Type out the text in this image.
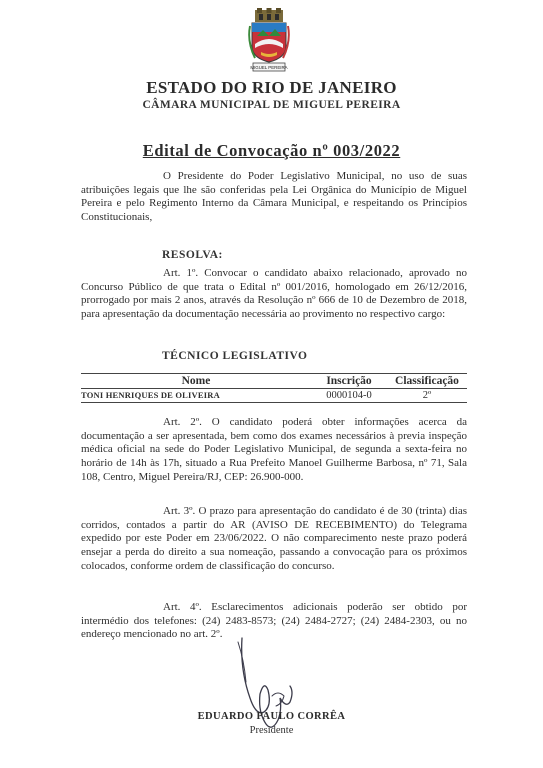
MIGUEL PEREIRA
ESTADO DO RIO DE JANEIRO
CÂMARA MUNICIPAL DE MIGUEL PEREIRA
Edital de Convocação nº 003/2022

O Presidente do Poder Legislativo Municipal, no uso de suas atribuições legais que lhe são conferidas pela Lei Orgânica do Município de Miguel Pereira e pelo Regimento Interno da Câmara Municipal, e respeitando os Princípios Constitucionais,

RESOLVA:

Art. 1º. Convocar o candidato abaixo relacionado, aprovado no Concurso Público de que trata o Edital nº 001/2016, homologado em 26/12/2016, prorrogado por mais 2 anos, através da Resolução nº 666 de 10 de Dezembro de 2018, para apresentação da documentação necessária ao provimento no respectivo cargo:

TÉCNICO LEGISLATIVO
Nome	Inscrição	Classificação
TONI HENRIQUES DE OLIVEIRA	0000104-0	2º

Art. 2º. O candidato poderá obter informações acerca da documentação a ser apresentada, bem como dos exames necessários à previa inspeção médica oficial na sede do Poder Legislativo Municipal, de segunda a sexta-feira no horário de 14h às 17h, situado a Rua Prefeito Manoel Guilherme Barbosa, nº 71, Sala 108, Centro, Miguel Pereira/RJ, CEP: 26.900-000.

Art. 3º. O prazo para apresentação do candidato é de 30 (trinta) dias corridos, contados a partir do AR (AVISO DE RECEBIMENTO) do Telegrama expedido por este Poder em 23/06/2022. O não comparecimento neste prazo poderá ensejar a perda do direito a sua nomeação, passando a convocação para os próximos colocados, conforme ordem de classificação do concurso.

Art. 4º. Esclarecimentos adicionais poderão ser obtido por intermédio dos telefones: (24) 2483-8573; (24) 2484-2727; (24) 2484-2303, ou no endereço mencionado no art. 2º.

EDUARDO PAULO CORRÊA
Presidente
